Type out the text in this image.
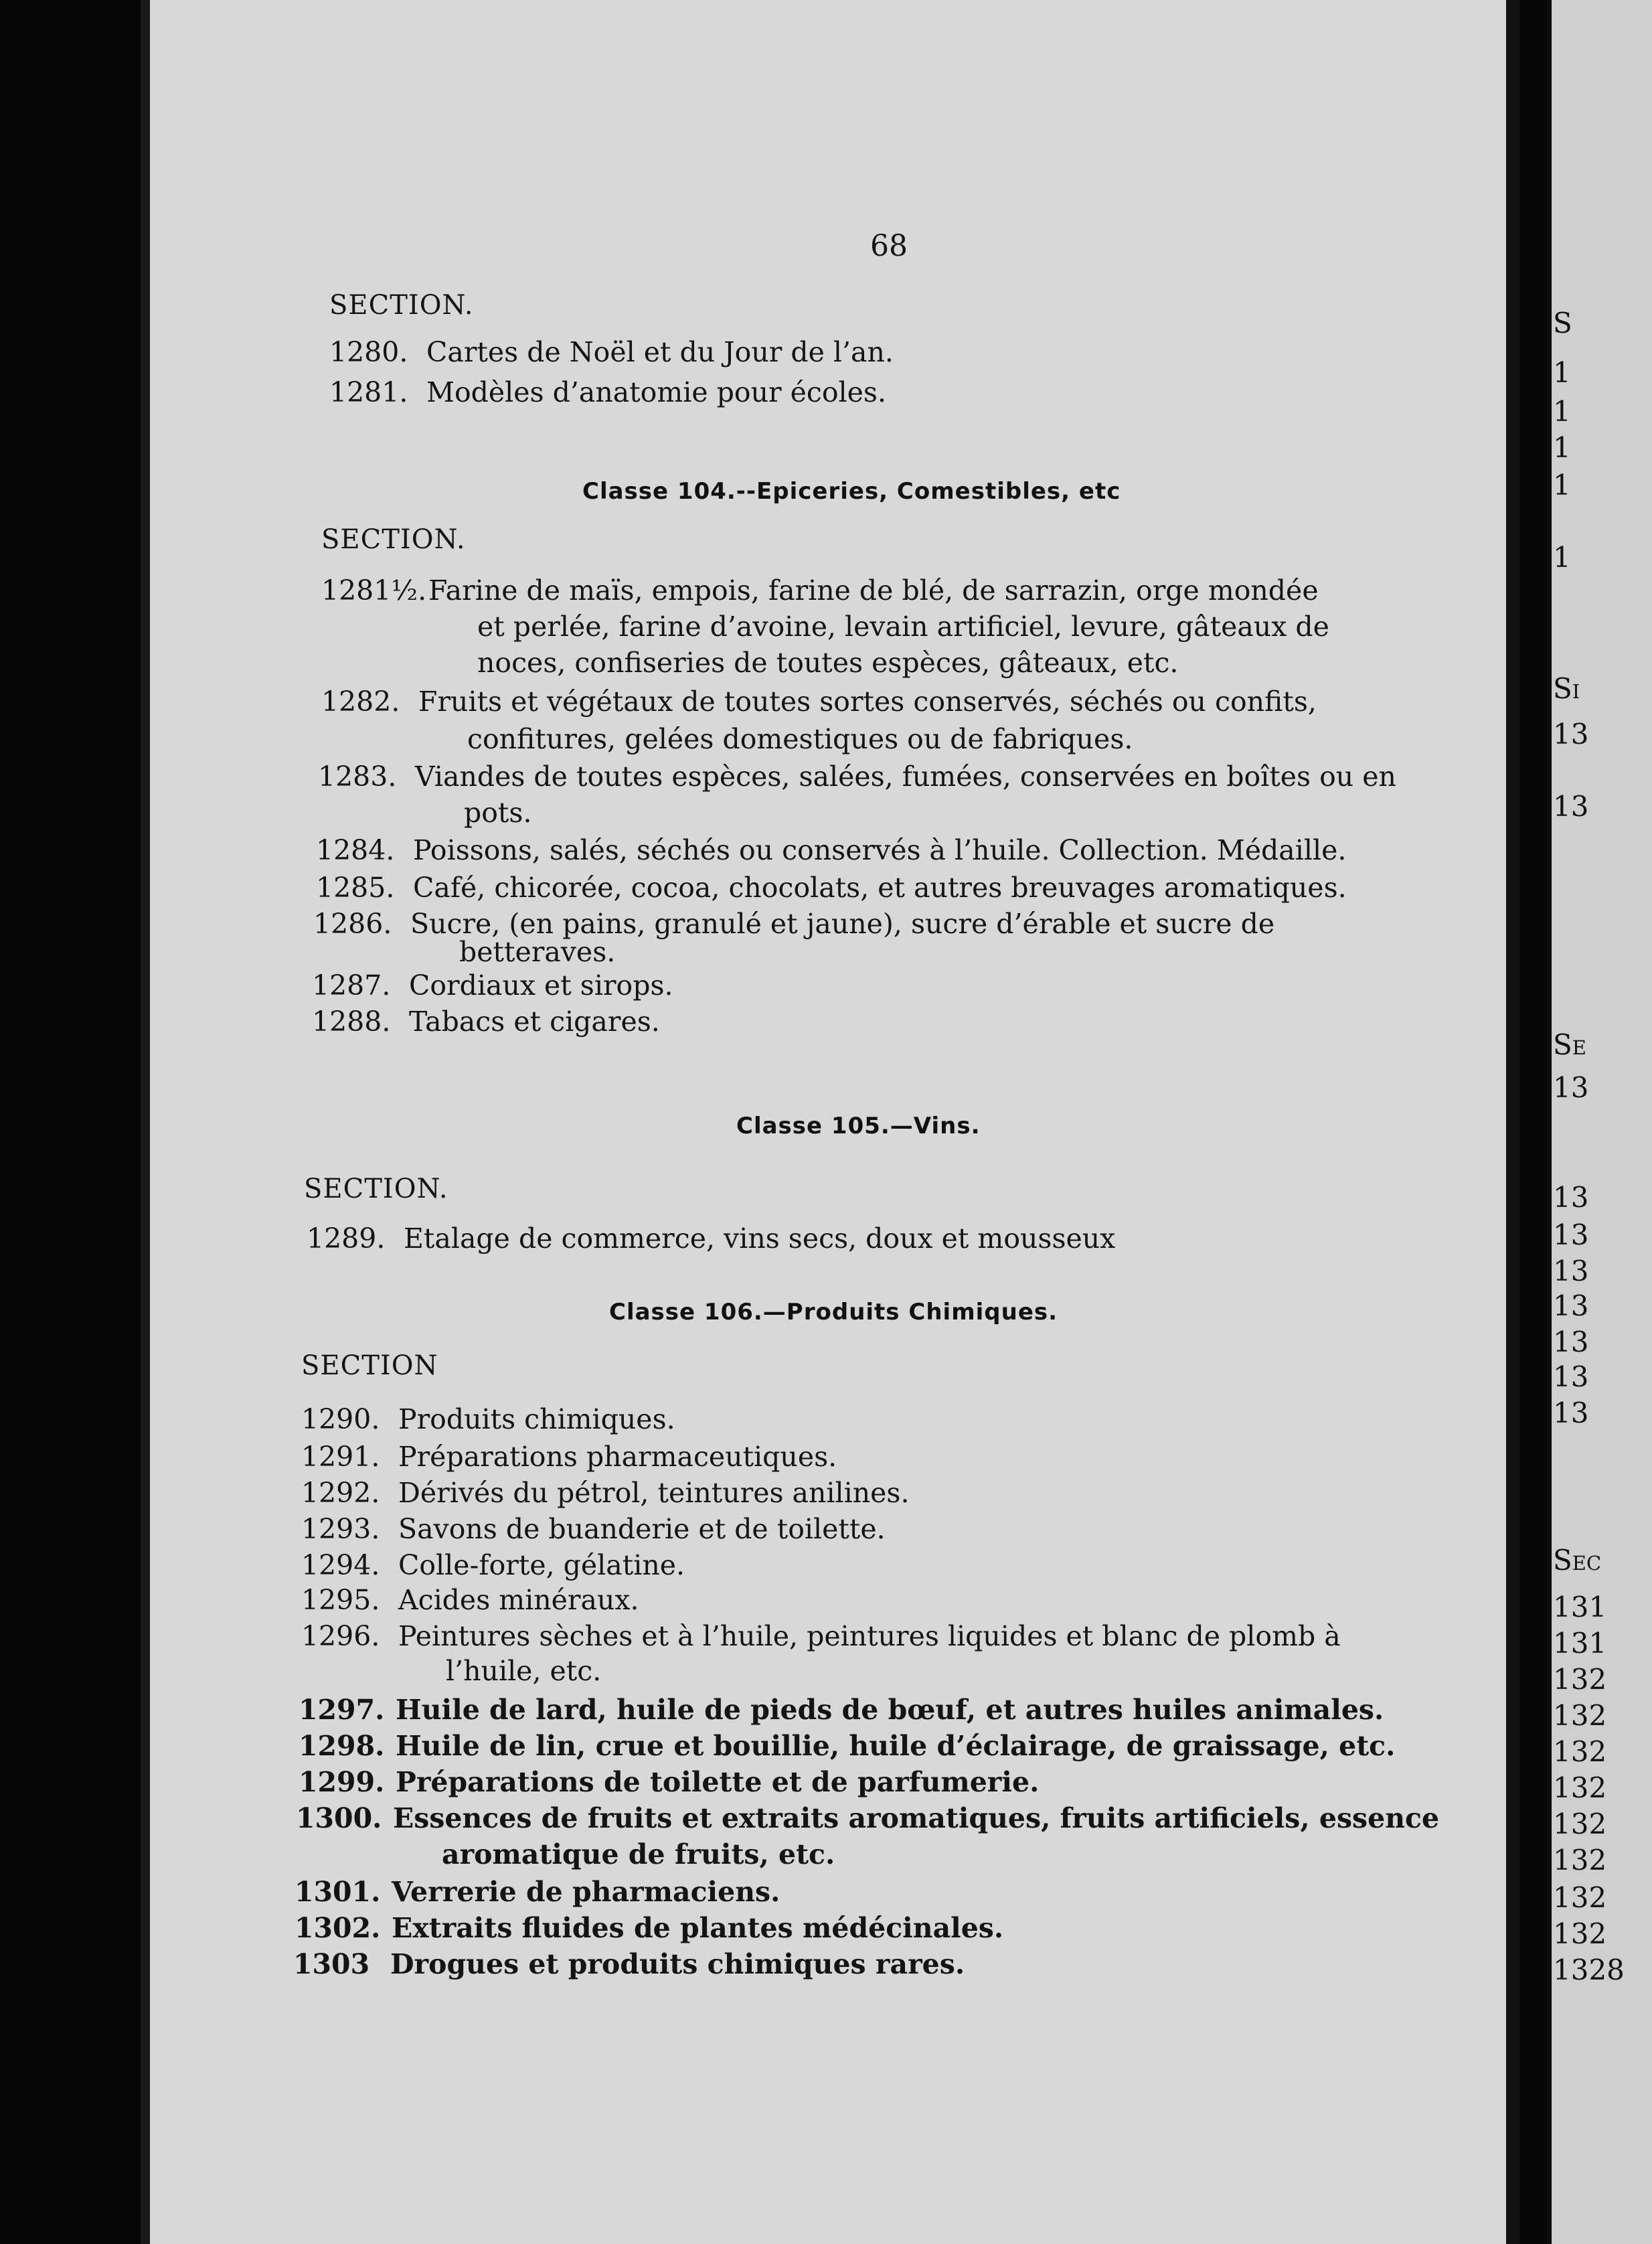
68
SECTION.
1280. Cartes de Noël et du Jour de l’an.
1281. Modèles d’anatomie pour écoles.
Classe 104.--Epiceries, Comestibles, etc
SECTION.
1281½. Farine de maïs, empois, farine de blé, de sarrazin, orge mondée
et perlée, farine d’avoine, levain artificiel, levure, gâteaux de
noces, confiseries de toutes espèces, gâteaux, etc.
1282. Fruits et végétaux de toutes sortes conservés, séchés ou confits,
confitures, gelées domestiques ou de fabriques.
1283. Viandes de toutes espèces, salées, fumées, conservées en boîtes ou en
pots.
1284. Poissons, salés, séchés ou conservés à l’huile. Collection. Médaille.
1285. Café, chicorée, cocoa, chocolats, et autres breuvages aromatiques.
1286. Sucre, (en pains, granulé et jaune), sucre d’érable et sucre de
betteraves.
1287. Cordiaux et sirops.
1288. Tabacs et cigares.
Classe 105.—Vins.
SECTION.
1289. Etalage de commerce, vins secs, doux et mousseux
Classe 106.—Produits Chimiques.
SECTION
1290. Produits chimiques.
1291. Préparations pharmaceutiques.
1292. Dérivés du pétrol, teintures anilines.
1293. Savons de buanderie et de toilette.
1294. Colle-forte, gélatine.
1295. Acides minéraux.
1296. Peintures sèches et à l’huile, peintures liquides et blanc de plomb à
l’huile, etc.
1297. Huile de lard, huile de pieds de bœuf, et autres huiles animales.
1298. Huile de lin, crue et bouillie, huile d’éclairage, de graissage, etc.
1299. Préparations de toilette et de parfumerie.
1300. Essences de fruits et extraits aromatiques, fruits artificiels, essence
aromatique de fruits, etc.
1301. Verrerie de pharmaciens.
1302. Extraits fluides de plantes médécinales.
1303 Drogues et produits chimiques rares.
S
1
1
1
1
1
Si
13
13
Se
13
13
13
13
13
13
13
13
Sec
131
131
132
132
132
132
132
132
132
132
1328
